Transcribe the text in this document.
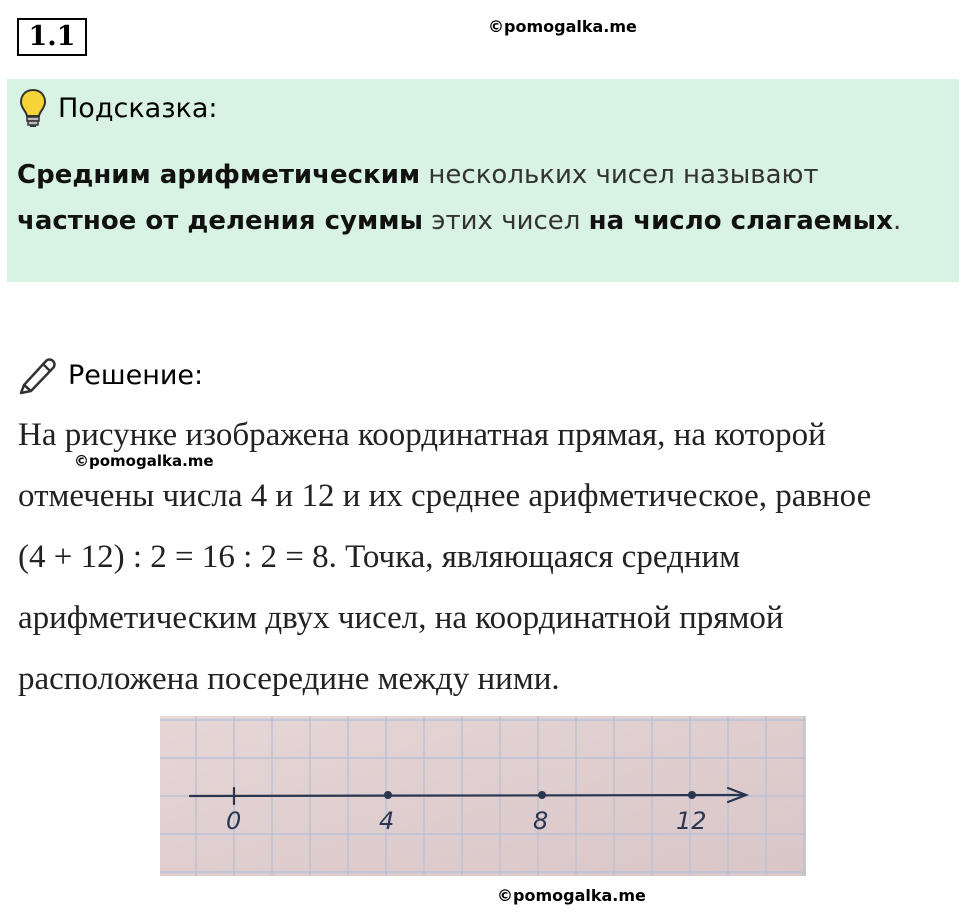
1.1	©pomogalka.me
Подсказка:
Средним арифметическим нескольких чисел называют
частное от деления суммы этих чисел на число слагаемых.
Решение:

На рисунке изображена координатная прямая, на которой

отмечены числа 4 и 12 и их среднее арифметическое, равное

(4 + 12) : 2 = 16 : 2 = 8. Точка, являющаяся средним

арифметическим двух чисел, на координатной прямой

расположена посередине между ними.

©pomogalka.me
0	4	8	12
©pomogalka.me
